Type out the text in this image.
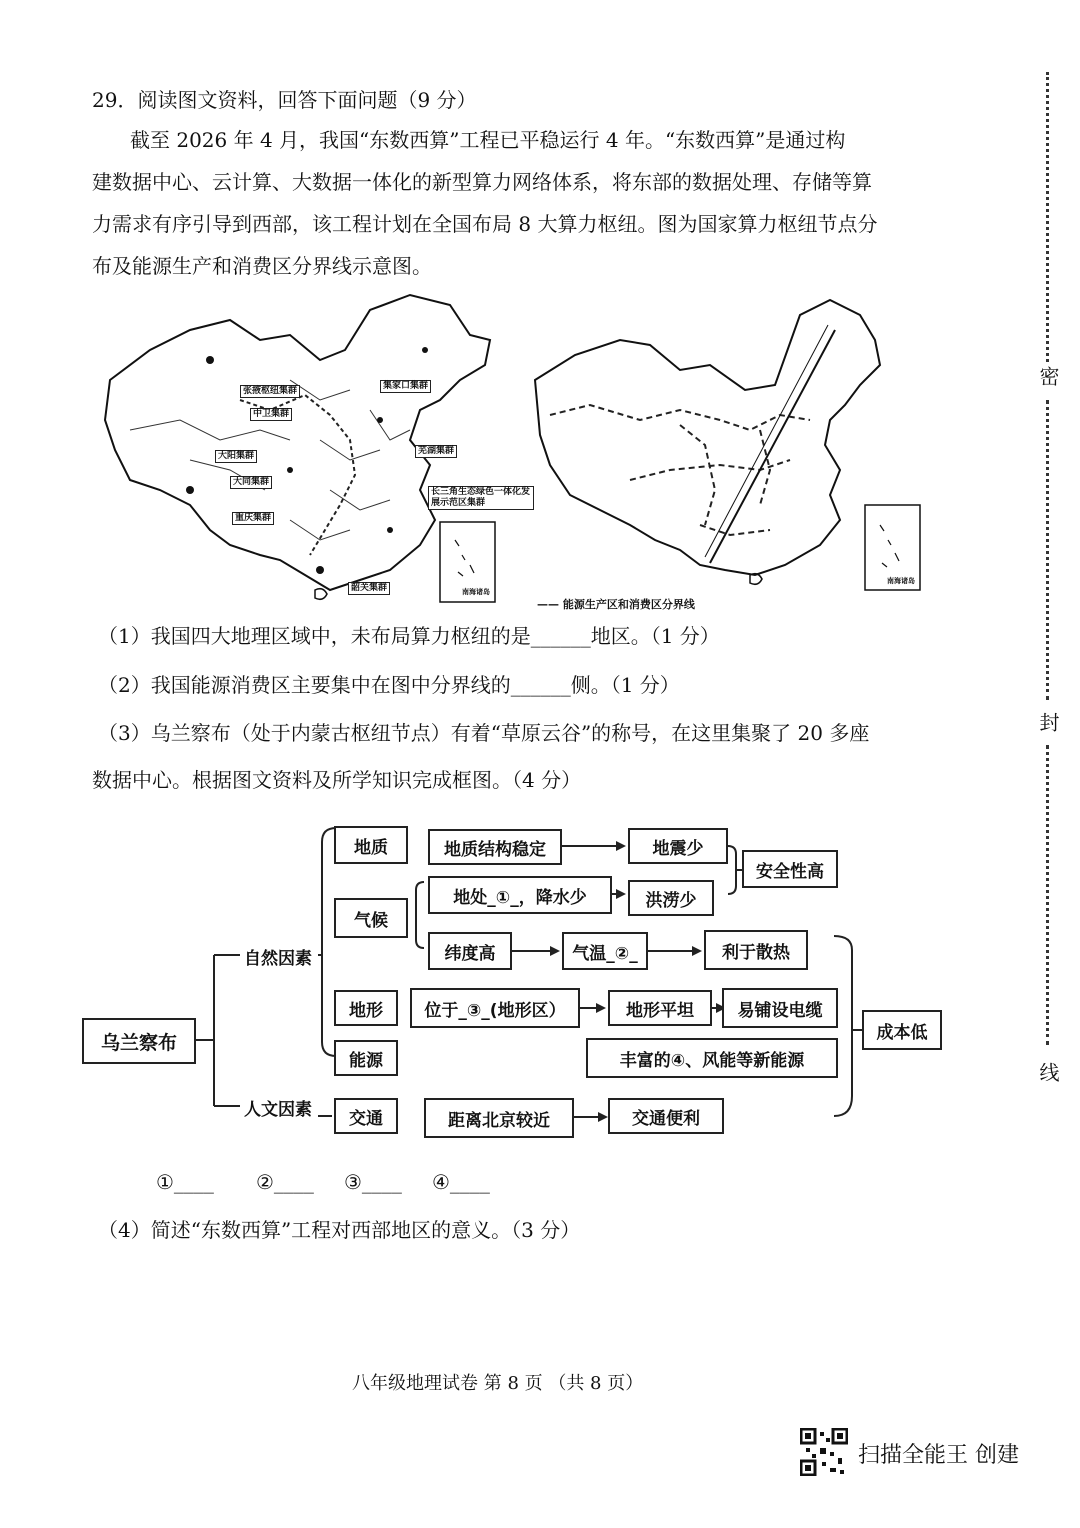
密
封
线
29．阅读图文资料，回答下面问题（9 分）
截至 2026 年 4 月，我国“东数西算”工程已平稳运行 4 年。“东数西算”是通过构
建数据中心、云计算、大数据一体化的新型算力网络体系，将东部的数据处理、存储等算
力需求有序引导到西部，该工程计划在全国布局 8 大算力枢纽。图为国家算力枢纽节点分
布及能源生产和消费区分界线示意图。
张掖枢纽集群	集家口集群
中卫集群
大阳集群
大同集群
重庆集群
芜湖集群
长三角生态绿色一体化发展示范区集群
韶关集群	南海诸岛
—— 能源生产区和消费区分界线
南海诸岛
（1）我国四大地理区域中，未布局算力枢纽的是______地区。（1 分）
（2）我国能源消费区主要集中在图中分界线的______侧。（1 分）
（3）乌兰察布（处于内蒙古枢纽节点）有着“草原云谷”的称号，在这里集聚了 20 多座
数据中心。根据图文资料及所学知识完成框图。（4 分）
乌兰察布
自然因素
人文因素
地质
气候
地形
能源
交通
地质结构稳定	地震少
安全性高
地处_①_，降水少	洪涝少
纬度高	气温_②_	利于散热
位于_③_(地形区）	地形平坦	易铺设电缆
丰富的④、风能等新能源
成本低
距离北京较近	交通便利
①____ ②____ ③____ ④____
（4）简述“东数西算”工程对西部地区的意义。（3 分）
八年级地理试卷 第 8 页 （共 8 页）
扫描全能王 创建
